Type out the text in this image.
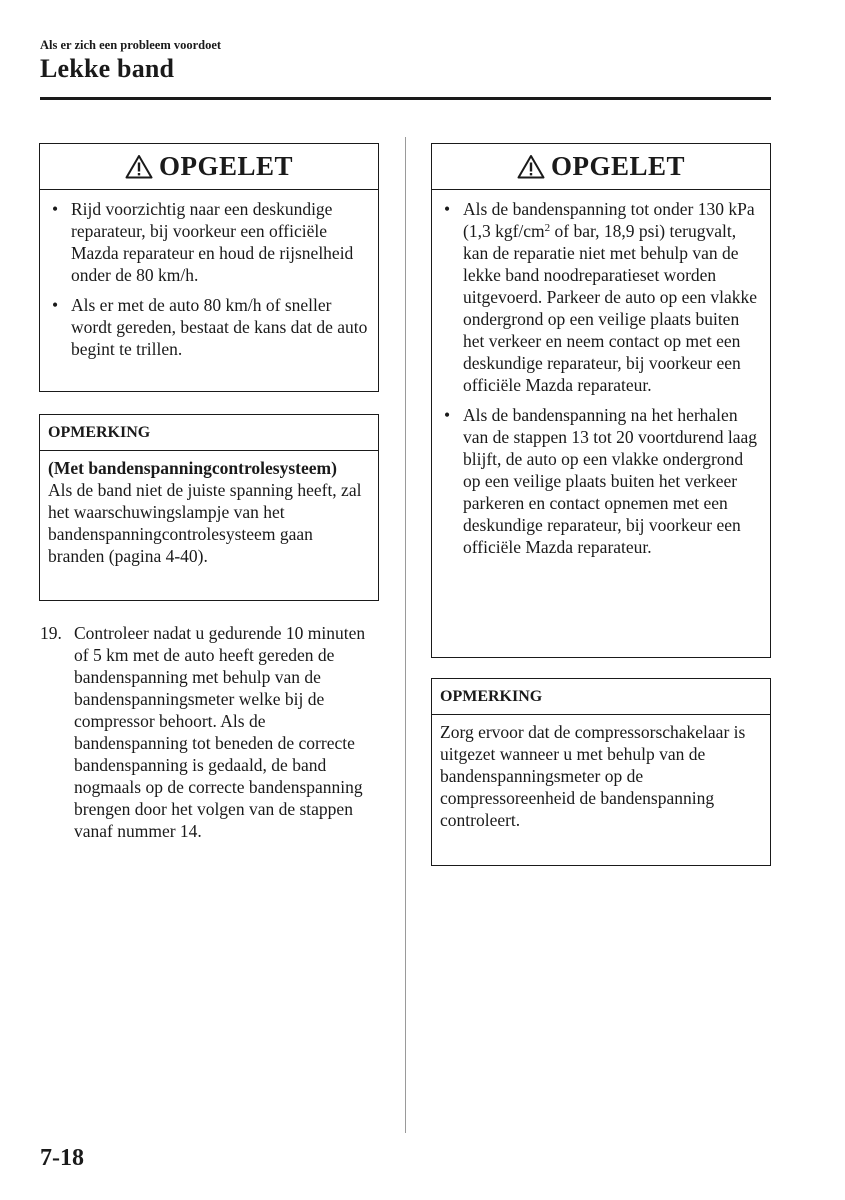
Als er zich een probleem voordoet
Lekke band
OPGELET
• Rijd voorzichtig naar een deskundige reparateur, bij voorkeur een officiële Mazda reparateur en houd de rijsnelheid onder de 80 km/h.
• Als er met de auto 80 km/h of sneller wordt gereden, bestaat de kans dat de auto begint te trillen.
OPMERKING
(Met bandenspanningcontrolesysteem)
Als de band niet de juiste spanning heeft, zal het waarschuwingslampje van het bandenspanningcontrolesysteem gaan branden (pagina 4-40).
19. Controleer nadat u gedurende 10 minuten of 5 km met de auto heeft gereden de bandenspanning met behulp van de bandenspanningsmeter welke bij de compressor behoort. Als de bandenspanning tot beneden de correcte bandenspanning is gedaald, de band nogmaals op de correcte bandenspanning brengen door het volgen van de stappen vanaf nummer 14.
OPGELET
• Als de bandenspanning tot onder 130 kPa (1,3 kgf/$cm^2$ of bar, 18,9 psi) terugvalt, kan de reparatie niet met behulp van de lekke band noodreparatieset worden uitgevoerd. Parkeer de auto op een vlakke ondergrond op een veilige plaats buiten het verkeer en neem contact op met een deskundige reparateur, bij voorkeur een officiële Mazda reparateur.
• Als de bandenspanning na het herhalen van de stappen 13 tot 20 voortdurend laag blijft, de auto op een vlakke ondergrond op een veilige plaats buiten het verkeer parkeren en contact opnemen met een deskundige reparateur, bij voorkeur een officiële Mazda reparateur.
OPMERKING
Zorg ervoor dat de compressorschakelaar is uitgezet wanneer u met behulp van de bandenspanningsmeter op de compressoreenheid de bandenspanning controleert.
7-18
